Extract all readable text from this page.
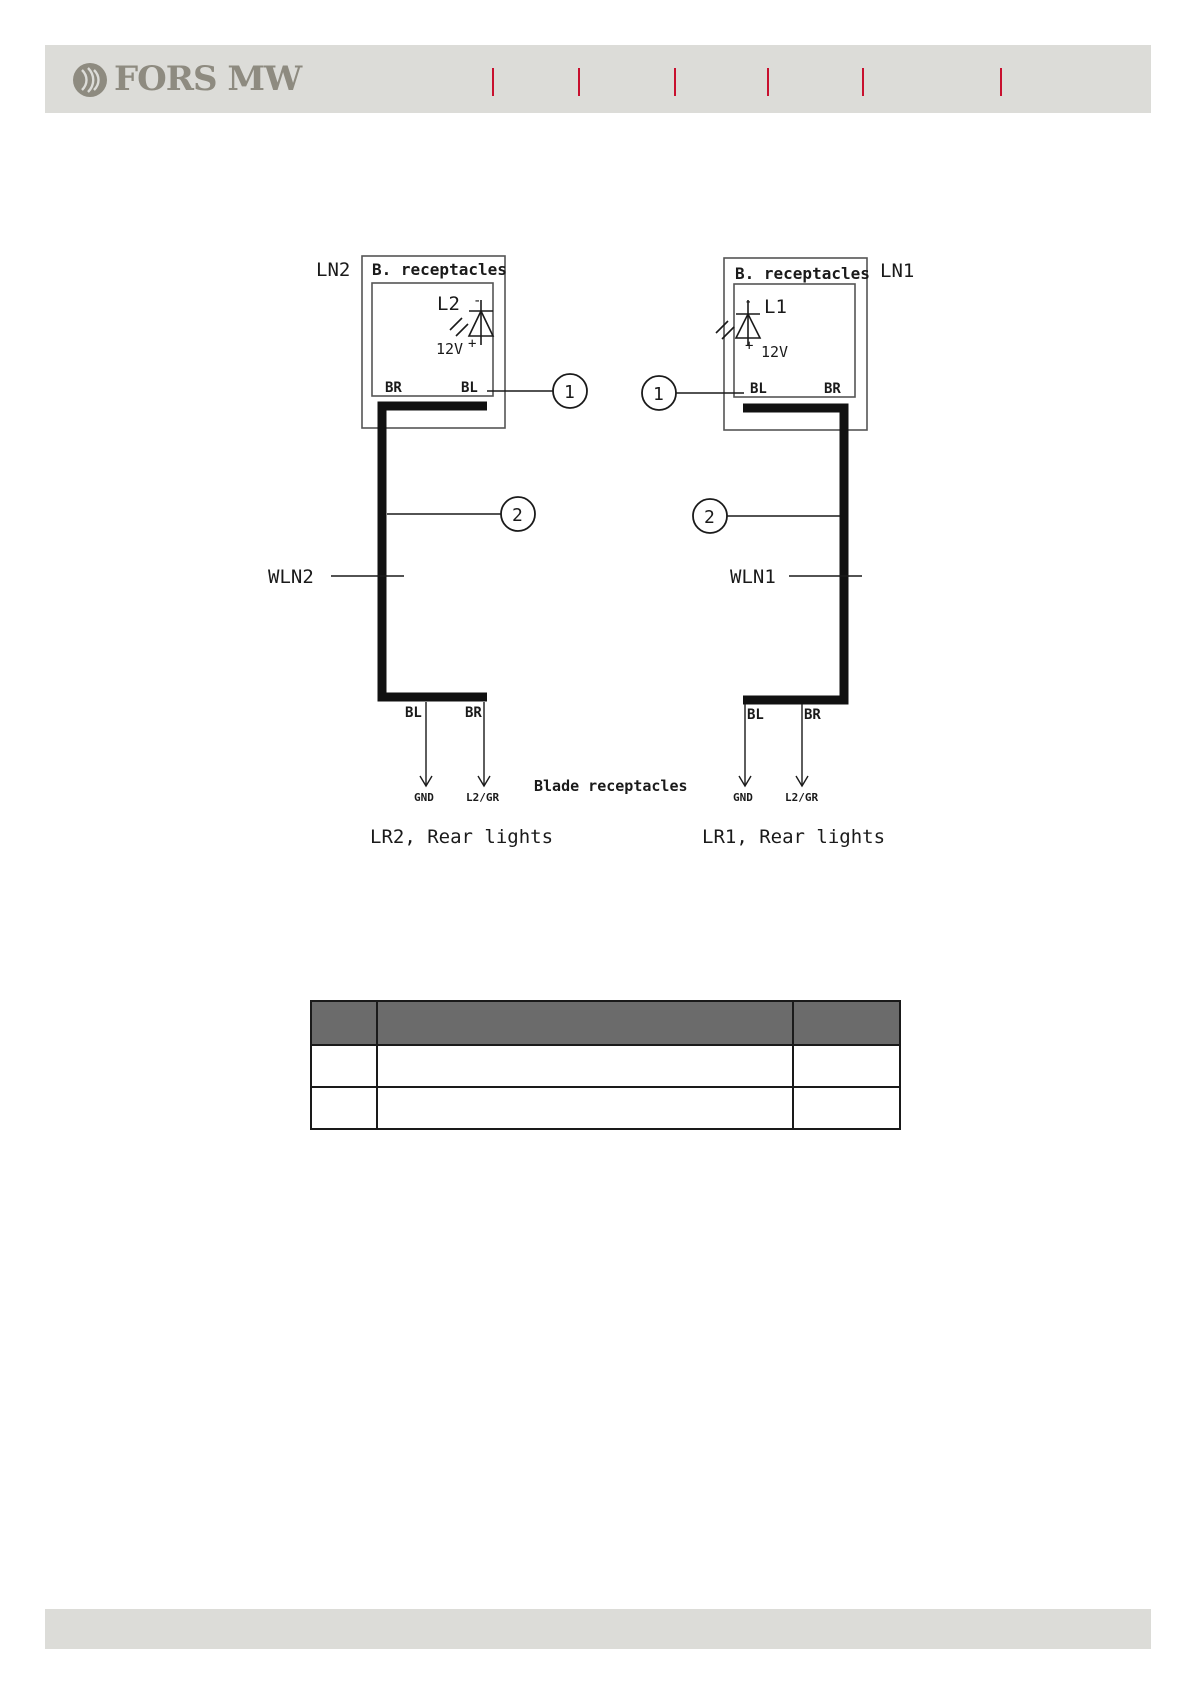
FORS MW
LN2 B. receptacles
L2 -
+
12V
BR	BL	1
2
WLN2
BL	BR
GND	L2/GR
LR2, Rear lights
Blade receptacles
LN1
B. receptacles
L1
-
+ 12V
BL	BR
1
2
WLN1
BL	BR
GND	L2/GR
LR1, Rear lights
